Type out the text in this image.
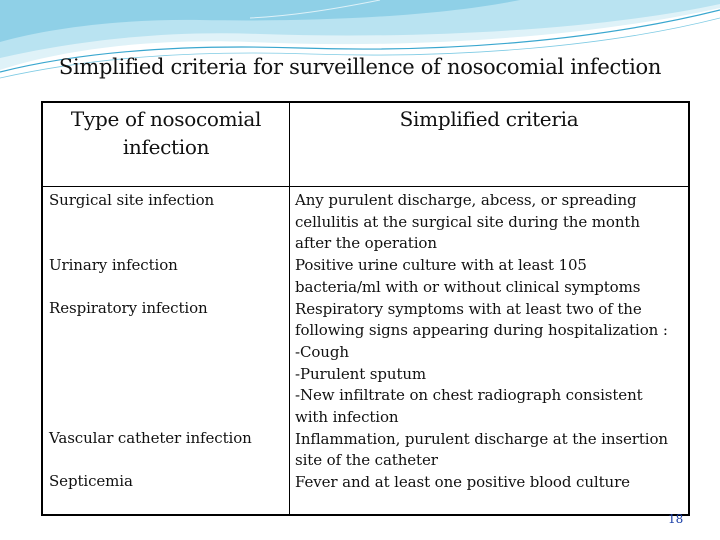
Simplified criteria for surveillence of nosocomial infection
Type of nosocomial
infection
Simplified criteria
Surgical site infection
Urinary infection
Respiratory infection
Vascular catheter infection
Septicemia
Any purulent discharge, abcess, or spreading
cellulitis at the surgical site during the month
after the operation
Positive urine culture with at least 105
bacteria/ml with or without clinical symptoms
Respiratory symptoms with at least two of the
following signs appearing during hospitalization :
-Cough
-Purulent sputum
-New infiltrate on chest radiograph consistent
with infection
Inflammation, purulent discharge at the insertion
site of the catheter
Fever and at least one positive blood culture
18
